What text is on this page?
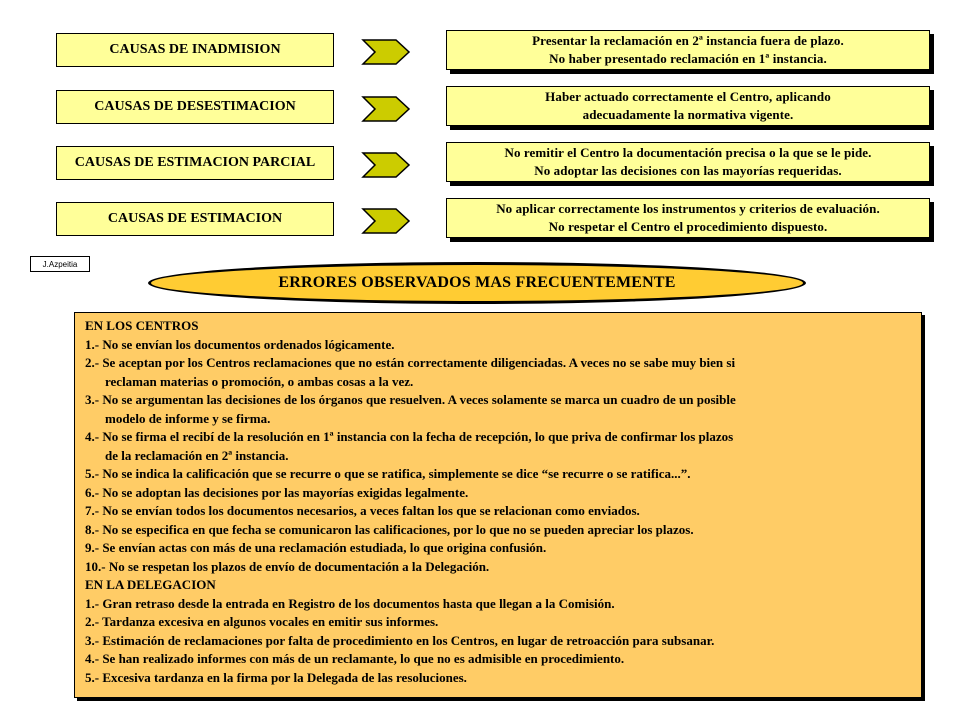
CAUSAS DE INADMISION
CAUSAS DE DESESTIMACION
CAUSAS DE ESTIMACION PARCIAL
CAUSAS DE ESTIMACION
Presentar la reclamación en 2ª instancia fuera de plazo.
No haber presentado reclamación en 1ª instancia.
Haber actuado correctamente el Centro, aplicando
adecuadamente la normativa vigente.
No remitir el Centro la documentación precisa o la que se le pide.
No adoptar las decisiones con las mayorías requeridas.
No aplicar correctamente los instrumentos y criterios de evaluación.
No respetar el Centro el procedimiento dispuesto.
J.Azpeitia
ERRORES OBSERVADOS MAS FRECUENTEMENTE
EN LOS CENTROS
1.- No se envían los documentos ordenados lógicamente.
2.- Se aceptan por los Centros reclamaciones que no están correctamente diligenciadas. A veces no se sabe muy bien si
reclaman materias o promoción, o ambas cosas a la vez.
3.- No se argumentan las decisiones de los órganos que resuelven. A veces solamente se marca un cuadro de un posible
modelo de informe y se firma.
4.- No se firma el recibí de la resolución en 1ª instancia con la fecha de recepción, lo que priva de confirmar los plazos
de la reclamación en 2ª instancia.
5.- No se indica la calificación que se recurre o que se ratifica, simplemente se dice “se recurre o se ratifica...”.
6.- No se adoptan las decisiones por las mayorías exigidas legalmente.
7.- No se envían todos los documentos necesarios, a veces faltan los que se relacionan como enviados.
8.- No se especifica en que fecha se comunicaron las calificaciones, por lo que no se pueden apreciar los plazos.
9.- Se envían actas con más de una reclamación estudiada, lo que origina confusión.
10.- No se respetan los plazos de envío de documentación a la Delegación.
EN LA DELEGACION
1.- Gran retraso desde la entrada en Registro de los documentos hasta que llegan a la Comisión.
2.- Tardanza excesiva en algunos vocales en emitir sus informes.
3.- Estimación de reclamaciones por falta de procedimiento en los Centros, en lugar de retroacción para subsanar.
4.- Se han realizado informes con más de un reclamante, lo que no es admisible en procedimiento.
5.- Excesiva tardanza en la firma por la Delegada de las resoluciones.
